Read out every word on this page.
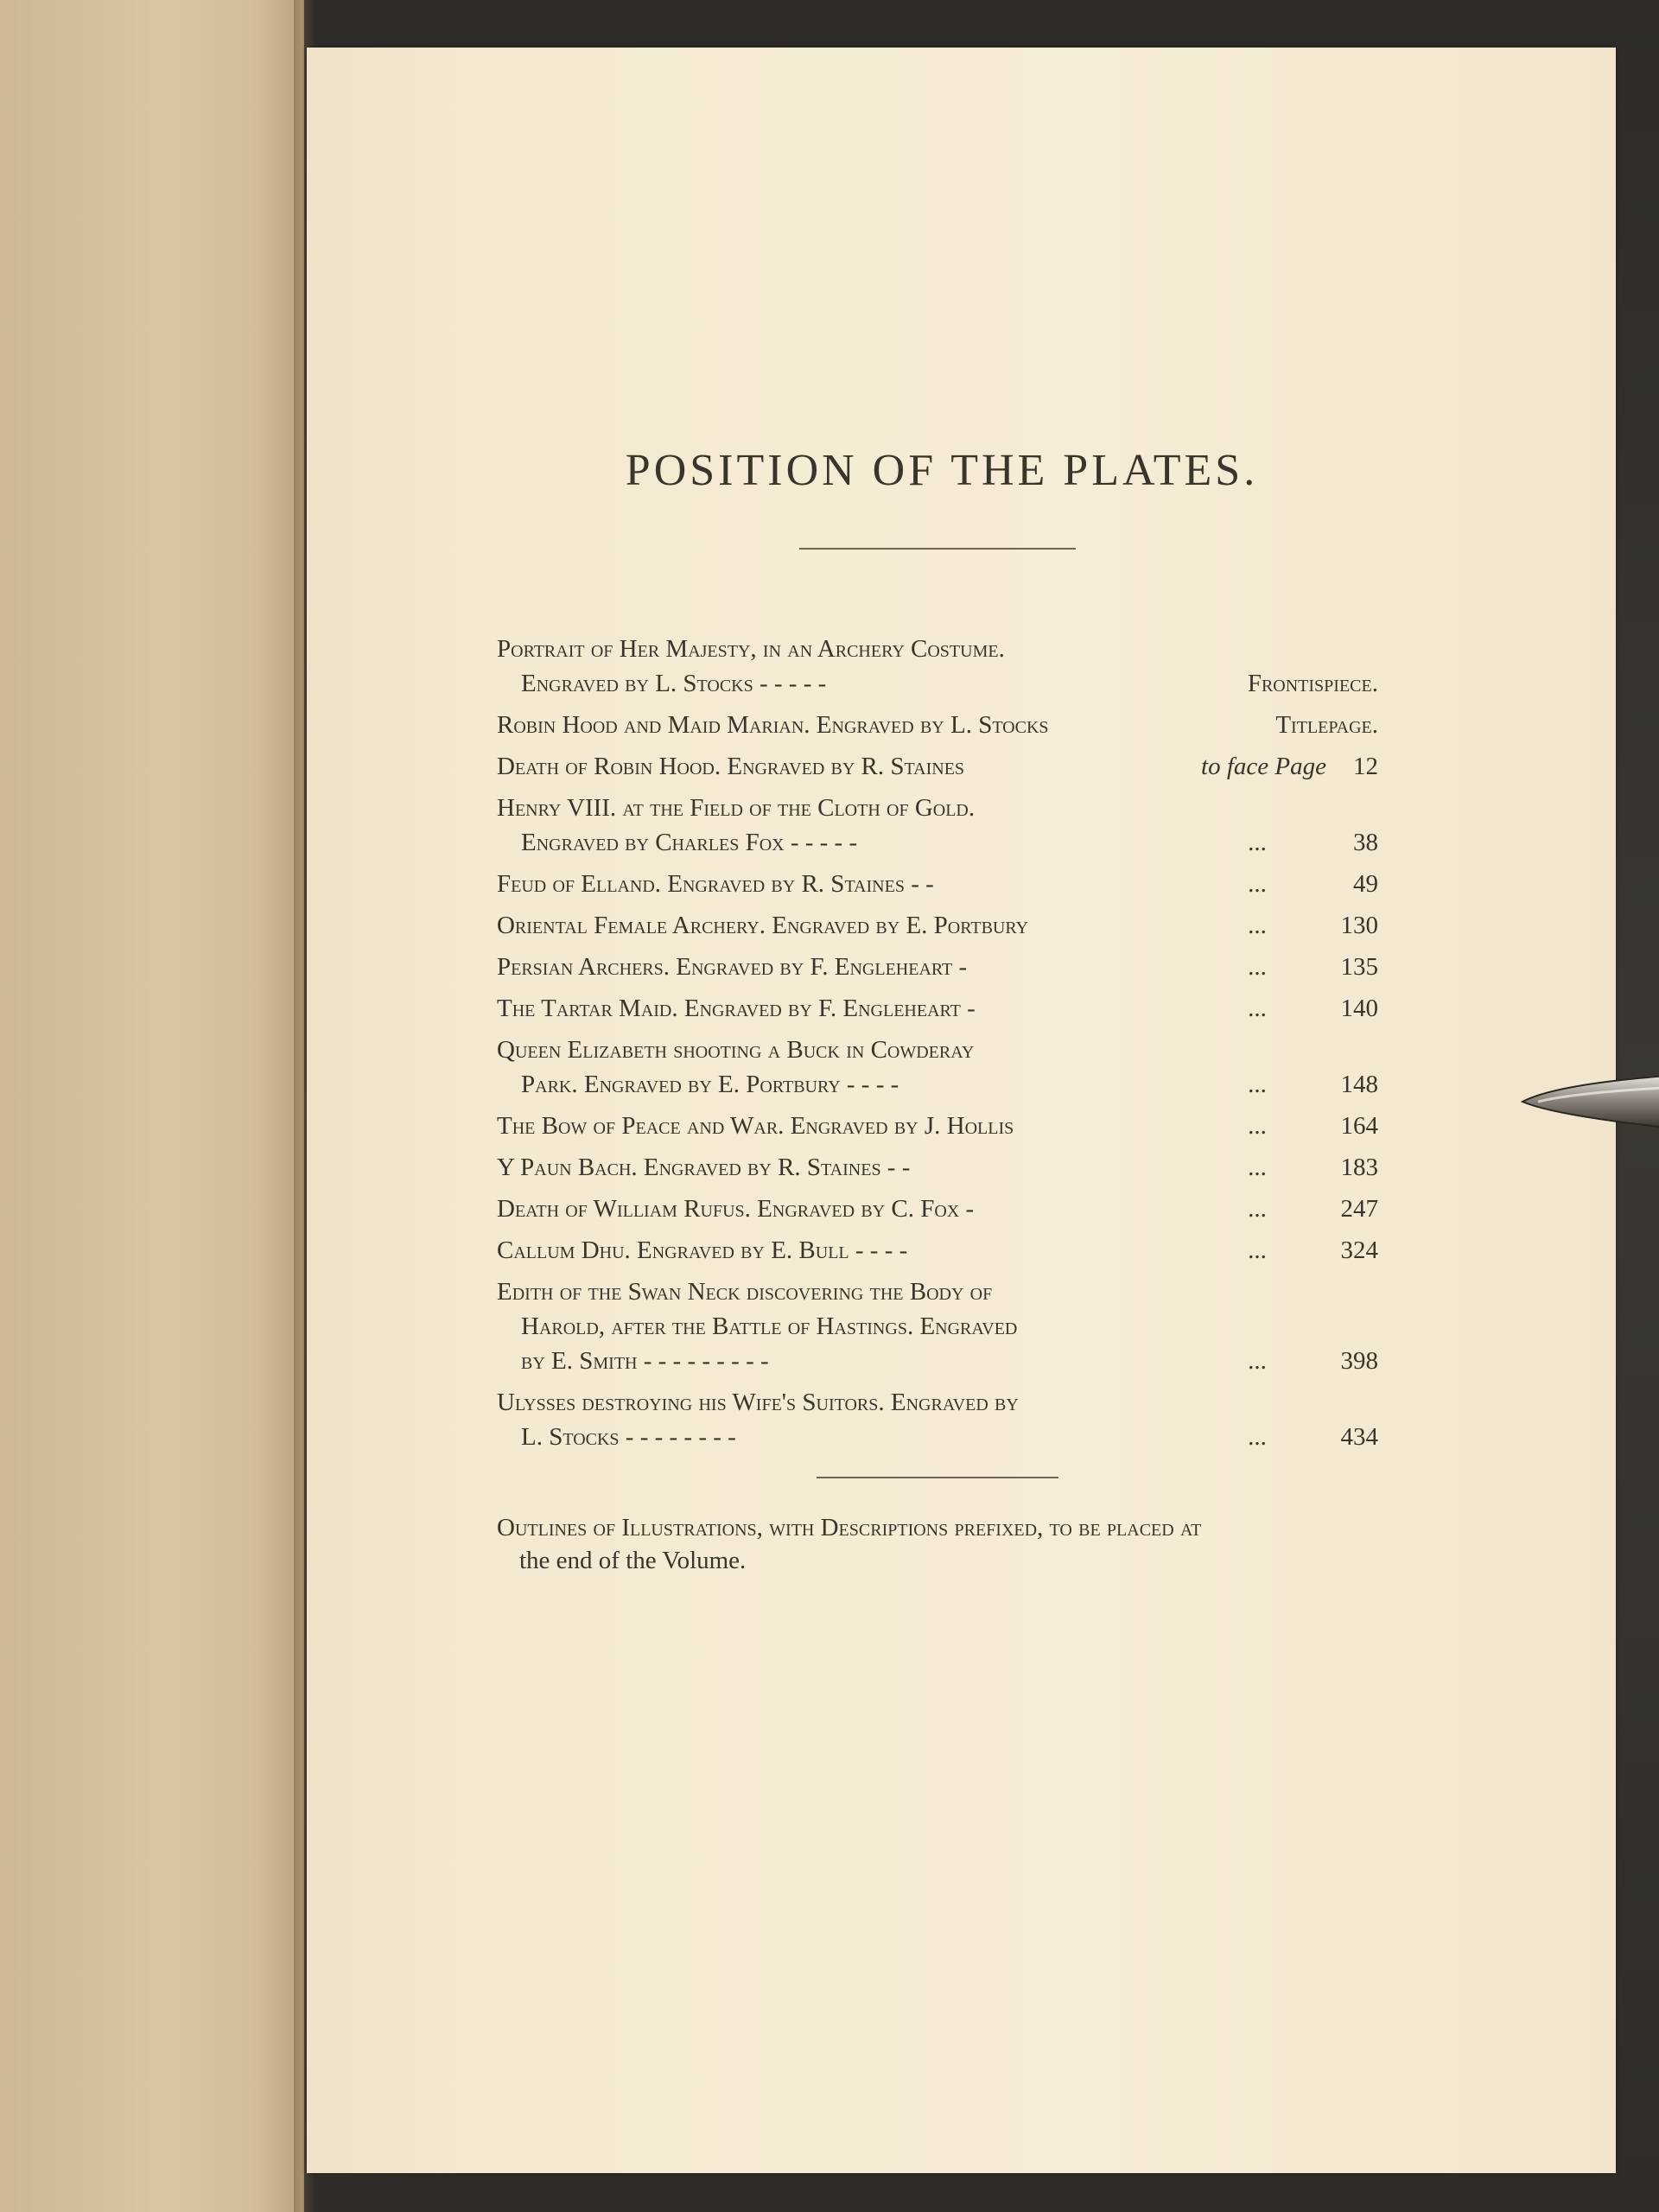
POSITION OF THE PLATES.
Portrait of Her Majesty, in an Archery Costume.
Engraved by L. Stocks - - - - -	Frontispiece.
Robin Hood and Maid Marian. Engraved by L. Stocks	Titlepage.
Death of Robin Hood. Engraved by R. Staines	to face Page	12
Henry VIII. at the Field of the Cloth of Gold.
Engraved by Charles Fox - - - - -	...	38
Feud of Elland. Engraved by R. Staines - -	...	49
Oriental Female Archery. Engraved by E. Portbury	...	130
Persian Archers. Engraved by F. Engleheart -	...	135
The Tartar Maid. Engraved by F. Engleheart -	...	140
Queen Elizabeth shooting a Buck in Cowderay
Park. Engraved by E. Portbury - - - -	...	148
The Bow of Peace and War. Engraved by J. Hollis	...	164
Y Paun Bach. Engraved by R. Staines - -	...	183
Death of William Rufus. Engraved by C. Fox -	...	247
Callum Dhu. Engraved by E. Bull - - - -	...	324
Edith of the Swan Neck discovering the Body of
Harold, after the Battle of Hastings. Engraved
by E. Smith - - - - - - - - -	...	398
Ulysses destroying his Wife's Suitors. Engraved by
L. Stocks - - - - - - - -	...	434
Outlines of Illustrations, with Descriptions prefixed, to be placed at
the end of the Volume.
